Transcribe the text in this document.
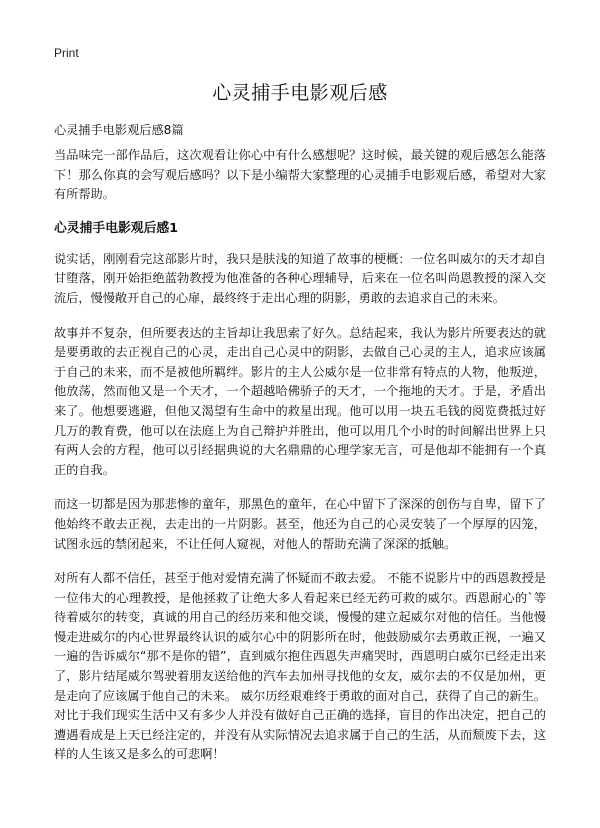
Print
心灵捕手电影观后感
心灵捕手电影观后感8篇

当品味完一部作品后，这次观看让你心中有什么感想呢？这时候，最关键的观后感怎么能落下！那么你真的会写观后感吗？以下是小编帮大家整理的心灵捕手电影观后感，希望对大家有所帮助。

心灵捕手电影观后感1

说实话，刚刚看完这部影片时，我只是肤浅的知道了故事的梗概：一位名叫威尔的天才却自甘堕落，刚开始拒绝蓝勃教授为他准备的各种心理辅导，后来在一位名叫尚恩教授的深入交流后，慢慢敞开自己的心扉，最终终于走出心理的阴影，勇敢的去追求自己的未来。

故事并不复杂，但所要表达的主旨却让我思索了好久。总结起来，我认为影片所要表达的就是要勇敢的去正视自己的心灵，走出自己心灵中的阴影，去做自己心灵的主人，追求应该属于自己的未来，而不是被他所羁绊。影片的主人公威尔是一位非常有特点的人物，他叛逆，他放荡，然而他又是一个天才，一个超越哈佛骄子的天才，一个拖地的天才。于是，矛盾出来了。他想要逃避，但他又渴望有生命中的救星出现。他可以用一块五毛钱的阅览费抵过好几万的教育费，他可以在法庭上为自己辩护并胜出，他可以用几个小时的时间解出世界上只有两人会的方程，他可以引经据典说的大名鼎鼎的心理学家无言，可是他却不能拥有一个真正的自我。

而这一切都是因为那悲惨的童年，那黑色的童年，在心中留下了深深的创伤与自卑，留下了他始终不敢去正视，去走出的一片阴影。甚至，他还为自己的心灵安装了一个厚厚的囚笼，试图永远的禁闭起来，不让任何人窥视，对他人的帮助充满了深深的抵触。

对所有人都不信任，甚至于他对爱情充满了怀疑而不敢去爱。 不能不说影片中的西恩教授是一位伟大的心理教授，是他拯救了让绝大多人看起来已经无药可救的威尔。西恩耐心的`等待着威尔的转变，真诚的用自己的经历来和他交谈，慢慢的建立起威尔对他的信任。当他慢慢走进威尔的内心世界最终认识的威尔心中的阴影所在时，他鼓励威尔去勇敢正视，一遍又一遍的告诉威尔“那不是你的错”，直到威尔抱住西恩失声痛哭时，西恩明白威尔已经走出来了，影片结尾威尔驾驶着朋友送给他的汽车去加州寻找他的女友，威尔去的不仅是加州，更是走向了应该属于他自己的未来。 威尔历经艰难终于勇敢的面对自己，获得了自己的新生。对比于我们现实生活中又有多少人并没有做好自己正确的选择，盲目的作出决定，把自己的遭遇看成是上天已经注定的，并没有从实际情况去追求属于自己的生活，从而颓废下去，这样的人生该又是多么的可悲啊！
